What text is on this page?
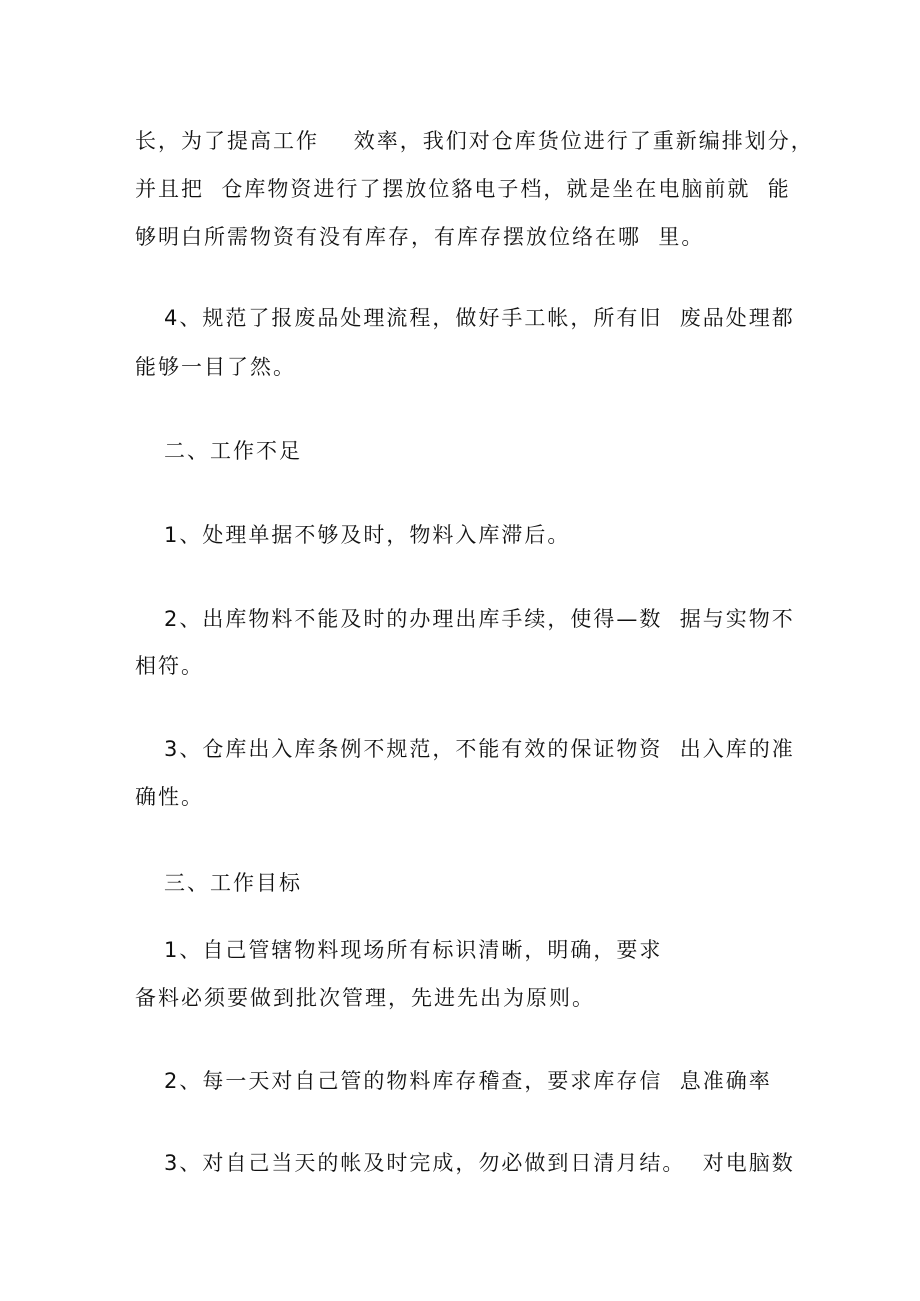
长，为了提高工作    效率，我们对仓库货位进行了重新编排划分，

并且把  仓库物资进行了摆放位貉电子档，就是坐在电脑前就  能

够明白所需物资有没有库存，有库存摆放位络在哪  里。

4、规范了报废品处理流程，做好手工帐，所有旧  废品处理都

能够一目了然。

二、工作不足

1、处理单据不够及时，物料入库滞后。

2、出库物料不能及时的办理出库手续，使得—数  据与实物不

相符。

3、仓库出入库条例不规范，不能有效的保证物资  出入库的准

确性。

三、工作目标

1、自己管辖物料现场所有标识清晰，明确，要求

备料必须要做到批次管理，先进先出为原则。

2、每一天对自己管的物料库存稽查，要求库存信  息准确率

3、对自己当天的帐及时完成，勿必做到日清月结。  对电脑数
